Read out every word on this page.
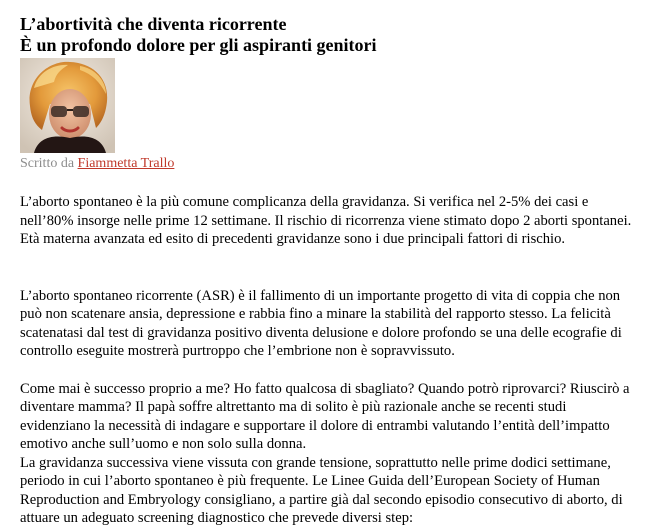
L’abortività che diventa ricorrente
È un profondo dolore per gli aspiranti genitori
Scritto da Fiammetta Trallo

L’aborto spontaneo è la più comune complicanza della gravidanza. Si verifica nel 2-5% dei casi e nell’80% insorge nelle prime 12 settimane. Il rischio di ricorrenza viene stimato dopo 2 aborti spontanei. Età materna avanzata ed esito di precedenti gravidanze sono i due principali fattori di rischio.

L’aborto spontaneo ricorrente (ASR) è il fallimento di un importante progetto di vita di coppia che non può non scatenare ansia, depressione e rabbia fino a minare la stabilità del rapporto stesso. La felicità scatenatasi dal test di gravidanza positivo diventa delusione e dolore profondo se una delle ecografie di controllo eseguite mostrerà purtroppo che l’embrione non è sopravvissuto.

Come mai è successo proprio a me? Ho fatto qualcosa di sbagliato? Quando potrò riprovarci? Riuscirò a diventare mamma? Il papà soffre altrettanto ma di solito è più razionale anche se recenti studi evidenziano la necessità di indagare e supportare il dolore di entrambi valutando l’entità dell’impatto emotivo anche sull’uomo e non solo sulla donna.

La gravidanza successiva viene vissuta con grande tensione, soprattutto nelle prime dodici settimane, periodo in cui l’aborto spontaneo è più frequente. Le Linee Guida dell’European Society of Human Reproduction and Embryology consigliano, a partire già dal secondo episodio consecutivo di aborto, di attuare un adeguato screening diagnostico che prevede diversi step:
